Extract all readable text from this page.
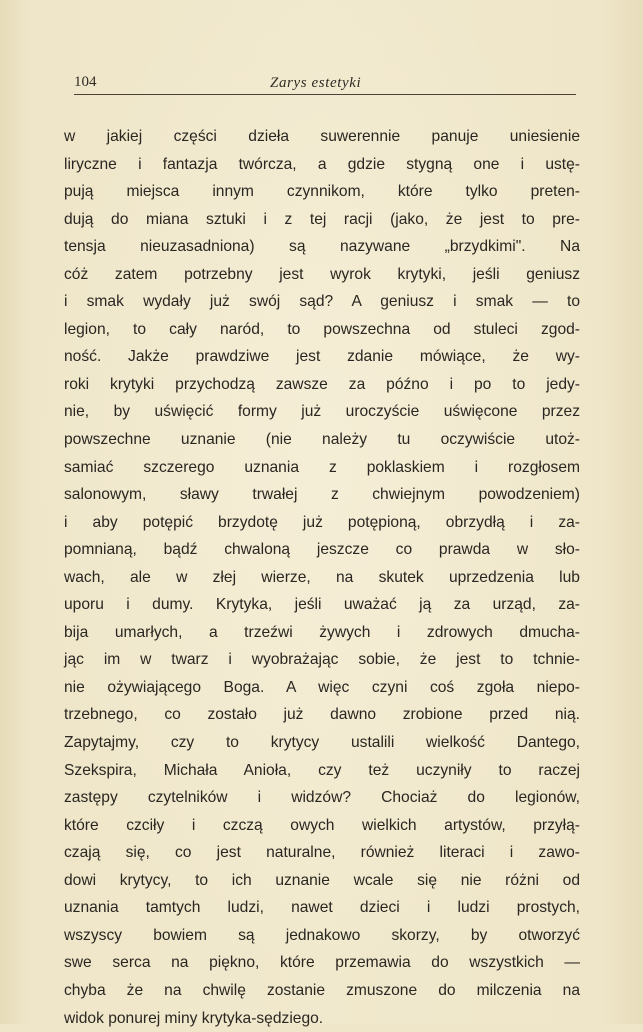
104	Zarys estetyki

w jakiej części dzieła suwerennie panuje uniesienie
liryczne i fantazja twórcza, a gdzie stygną one i ustę-
pują miejsca innym czynnikom, które tylko preten-
dują do miana sztuki i z tej racji (jako, że jest to pre-
tensja nieuzasadniona) są nazywane „brzydkimi". Na
cóż zatem potrzebny jest wyrok krytyki, jeśli geniusz
i smak wydały już swój sąd? A geniusz i smak — to
legion, to cały naród, to powszechna od stuleci zgod-
ność. Jakże prawdziwe jest zdanie mówiące, że wy-
roki krytyki przychodzą zawsze za późno i po to jedy-
nie, by uświęcić formy już uroczyście uświęcone przez
powszechne uznanie (nie należy tu oczywiście utoż-
samiać szczerego uznania z poklaskiem i rozgłosem
salonowym, sławy trwałej z chwiejnym powodzeniem)
i aby potępić brzydotę już potępioną, obrzydłą i za-
pomnianą, bądź chwaloną jeszcze co prawda w sło-
wach, ale w złej wierze, na skutek uprzedzenia lub
uporu i dumy. Krytyka, jeśli uważać ją za urząd, za-
bija umarłych, a trzeźwi żywych i zdrowych dmucha-
jąc im w twarz i wyobrażając sobie, że jest to tchnie-
nie ożywiającego Boga. A więc czyni coś zgoła niepo-
trzebnego, co zostało już dawno zrobione przed nią.
Zapytajmy, czy to krytycy ustalili wielkość Dantego,
Szekspira, Michała Anioła, czy też uczyniły to raczej
zastępy czytelników i widzów? Chociaż do legionów,
które czciły i czczą owych wielkich artystów, przyłą-
czają się, co jest naturalne, również literaci i zawo-
dowi krytycy, to ich uznanie wcale się nie różni od
uznania tamtych ludzi, nawet dzieci i ludzi prostych,
wszyscy bowiem są jednakowo skorzy, by otworzyć
swe serca na piękno, które przemawia do wszystkich —
chyba że na chwilę zostanie zmuszone do milczenia na
widok ponurej miny krytyka-sędziego.
